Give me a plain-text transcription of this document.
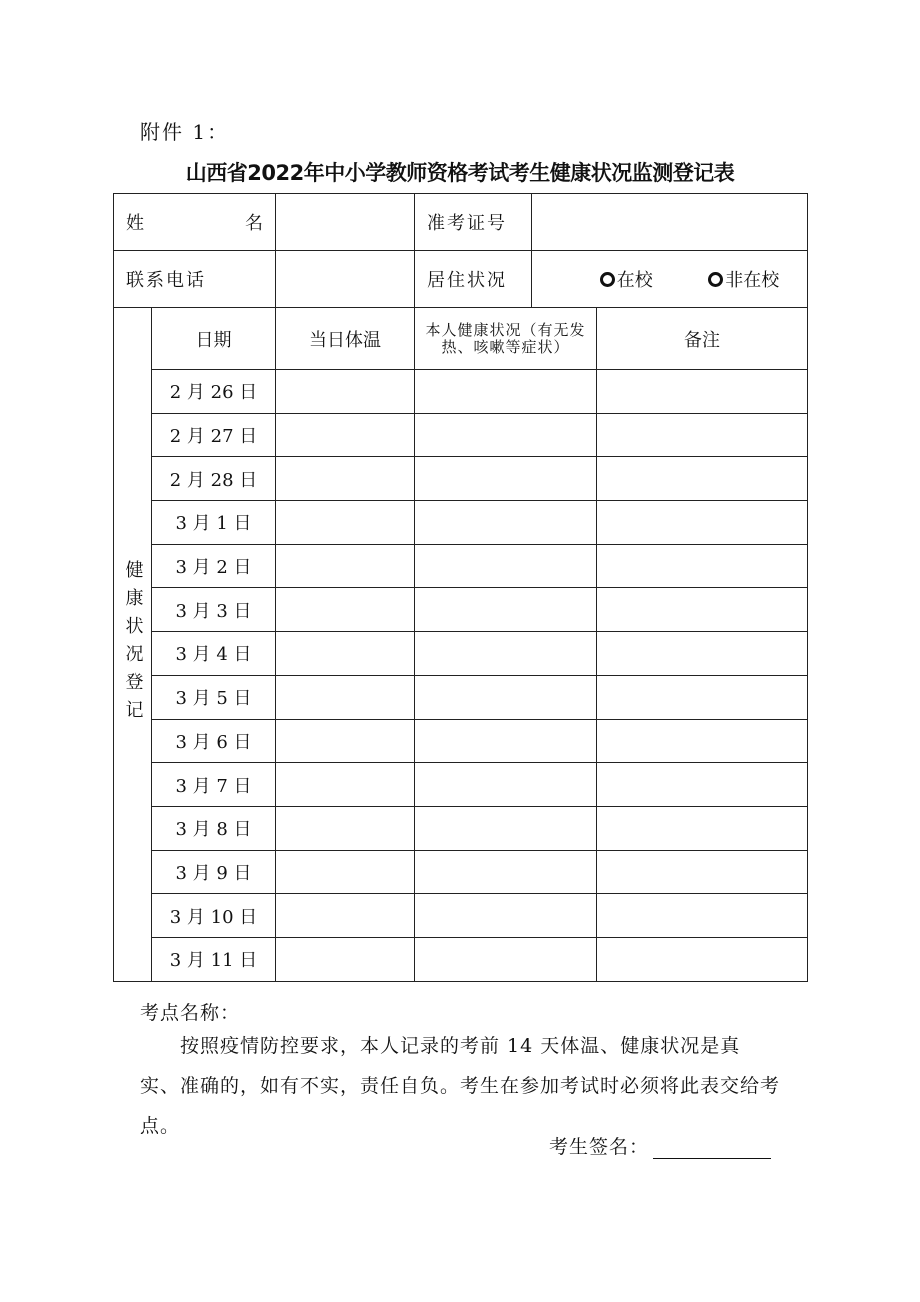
附件 1：
山西省2022年中小学教师资格考试考生健康状况监测登记表
姓 名			准考证号		
联系电话			居住状况	在校 非在校	

健康状况登记	日期	当日体温	本人健康状况（有无发热、咳嗽等症状）		备注
	2 月 26 日				
	2 月 27 日				
	2 月 28 日				
	3 月 1 日				
	3 月 2 日				
	3 月 3 日				
	3 月 4 日				
	3 月 5 日				
	3 月 6 日				
	3 月 7 日				
	3 月 8 日				
	3 月 9 日				
	3 月 10 日				
	3 月 11 日				
考点名称：
按照疫情防控要求，本人记录的考前 14 天体温、健康状况是真实、准确的，如有不实，责任自负。考生在参加考试时必须将此表交给考点。
考生签名：
